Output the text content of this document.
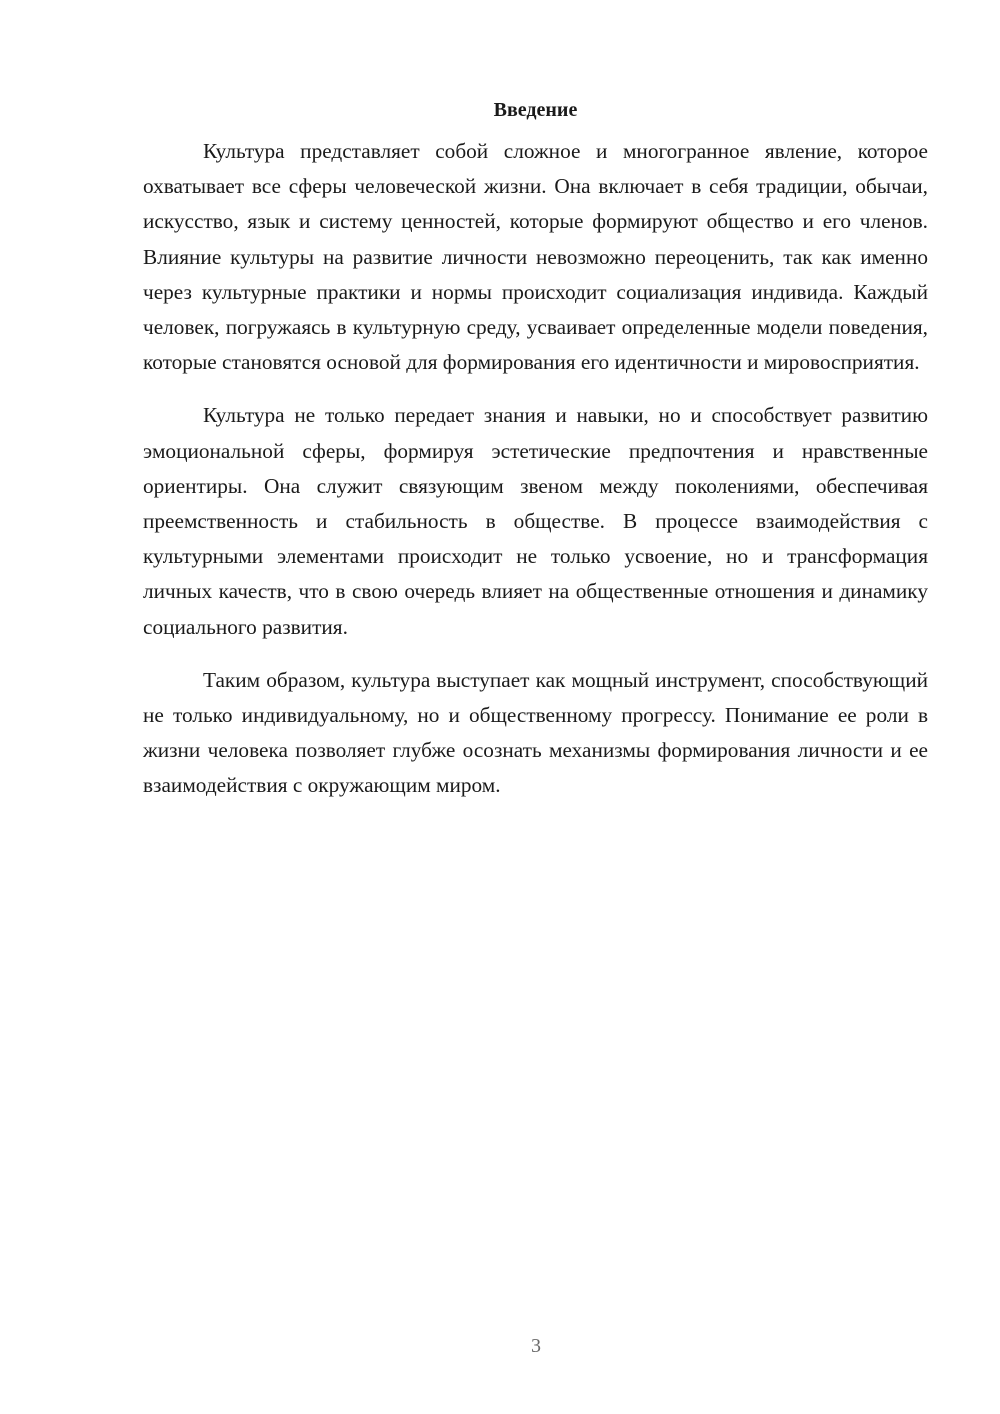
Введение

Культура представляет собой сложное и многогранное явление, которое охватывает все сферы человеческой жизни. Она включает в себя традиции, обычаи, искусство, язык и систему ценностей, которые формируют общество и его членов. Влияние культуры на развитие личности невозможно переоценить, так как именно через культурные практики и нормы происходит социализация индивида. Каждый человек, погружаясь в культурную среду, усваивает определенные модели поведения, которые становятся основой для формирования его идентичности и мировосприятия.

Культура не только передает знания и навыки, но и способствует развитию эмоциональной сферы, формируя эстетические предпочтения и нравственные ориентиры. Она служит связующим звеном между поколениями, обеспечивая преемственность и стабильность в обществе. В процессе взаимодействия с культурными элементами происходит не только усвоение, но и трансформация личных качеств, что в свою очередь влияет на общественные отношения и динамику социального развития.

Таким образом, культура выступает как мощный инструмент, способствующий не только индивидуальному, но и общественному прогрессу. Понимание ее роли в жизни человека позволяет глубже осознать механизмы формирования личности и ее взаимодействия с окружающим миром.

3
